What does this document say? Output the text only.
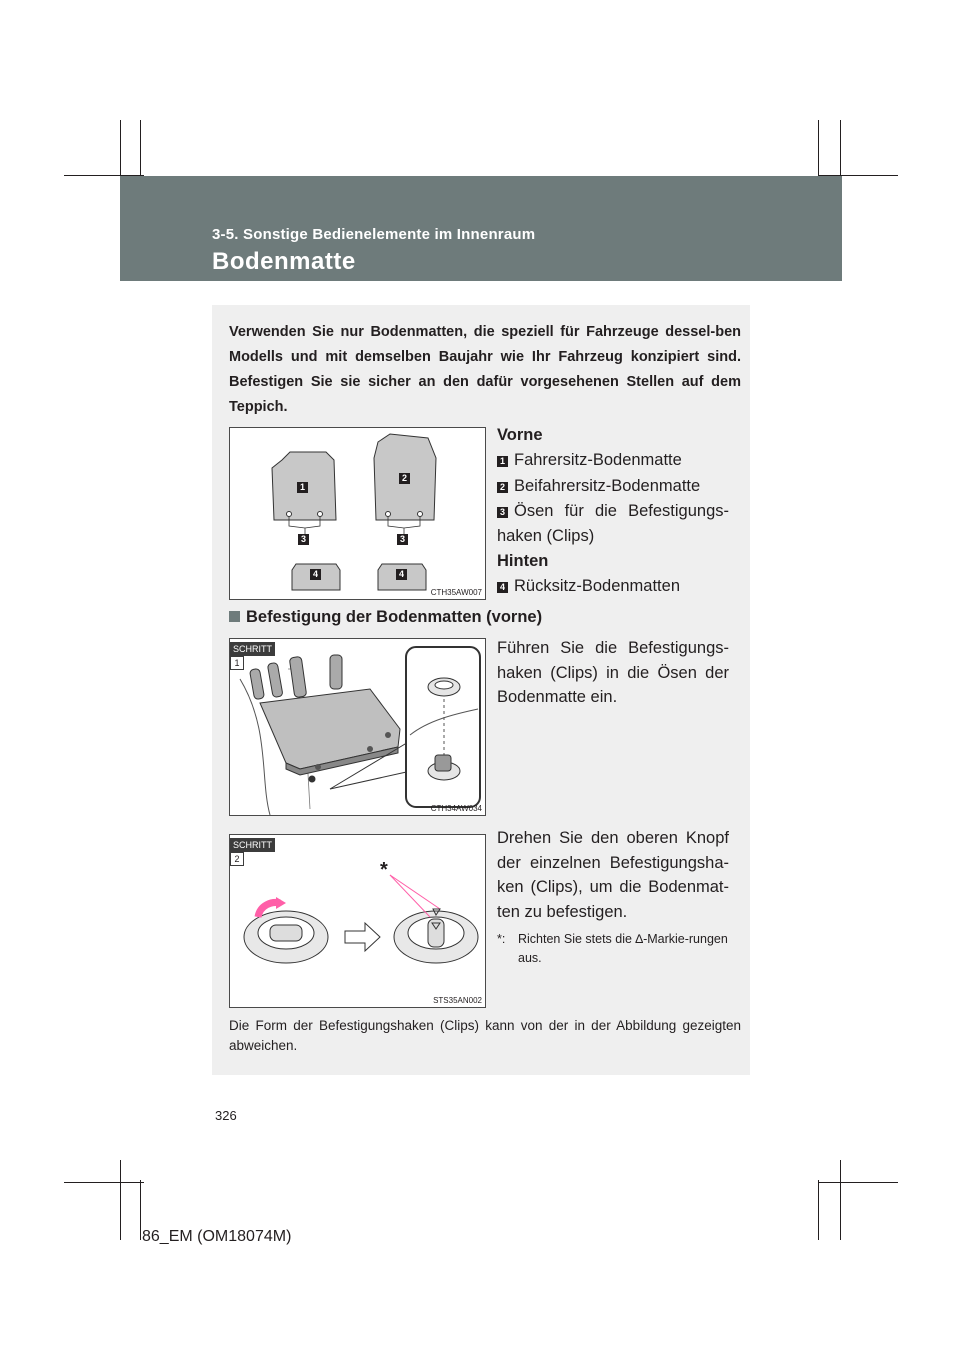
3-5. Sonstige Bedienelemente im Innenraum
Bodenmatte
Verwenden Sie nur Bodenmatten, die speziell für Fahrzeuge dessel-ben Modells und mit demselben Baujahr wie Ihr Fahrzeug konzipiert sind. Befestigen Sie sie sicher an den dafür vorgesehenen Stellen auf dem Teppich.
1
2
3	3
4	4
CTH35AW007
Vorne
1 Fahrersitz-Bodenmatte
2 Beifahrersitz-Bodenmatte
3 Ösen für die Befestigungs-haken (Clips)
Hinten
4 Rücksitz-Bodenmatten
Befestigung der Bodenmatten (vorne)
CTH34AW034
SCHRITT1
Führen Sie die Befestigungs-haken (Clips) in die Ösen der Bodenmatte ein.
*
STS35AN002
SCHRITT2
Drehen Sie den oberen Knopf der einzelnen Befestigungsha-ken (Clips), um die Bodenmat-ten zu befestigen.
*: Richten Sie stets die ∆-Markie-rungen aus.
Die Form der Befestigungshaken (Clips) kann von der in der Abbildung gezeigten abweichen.
326
86_EM (OM18074M)
